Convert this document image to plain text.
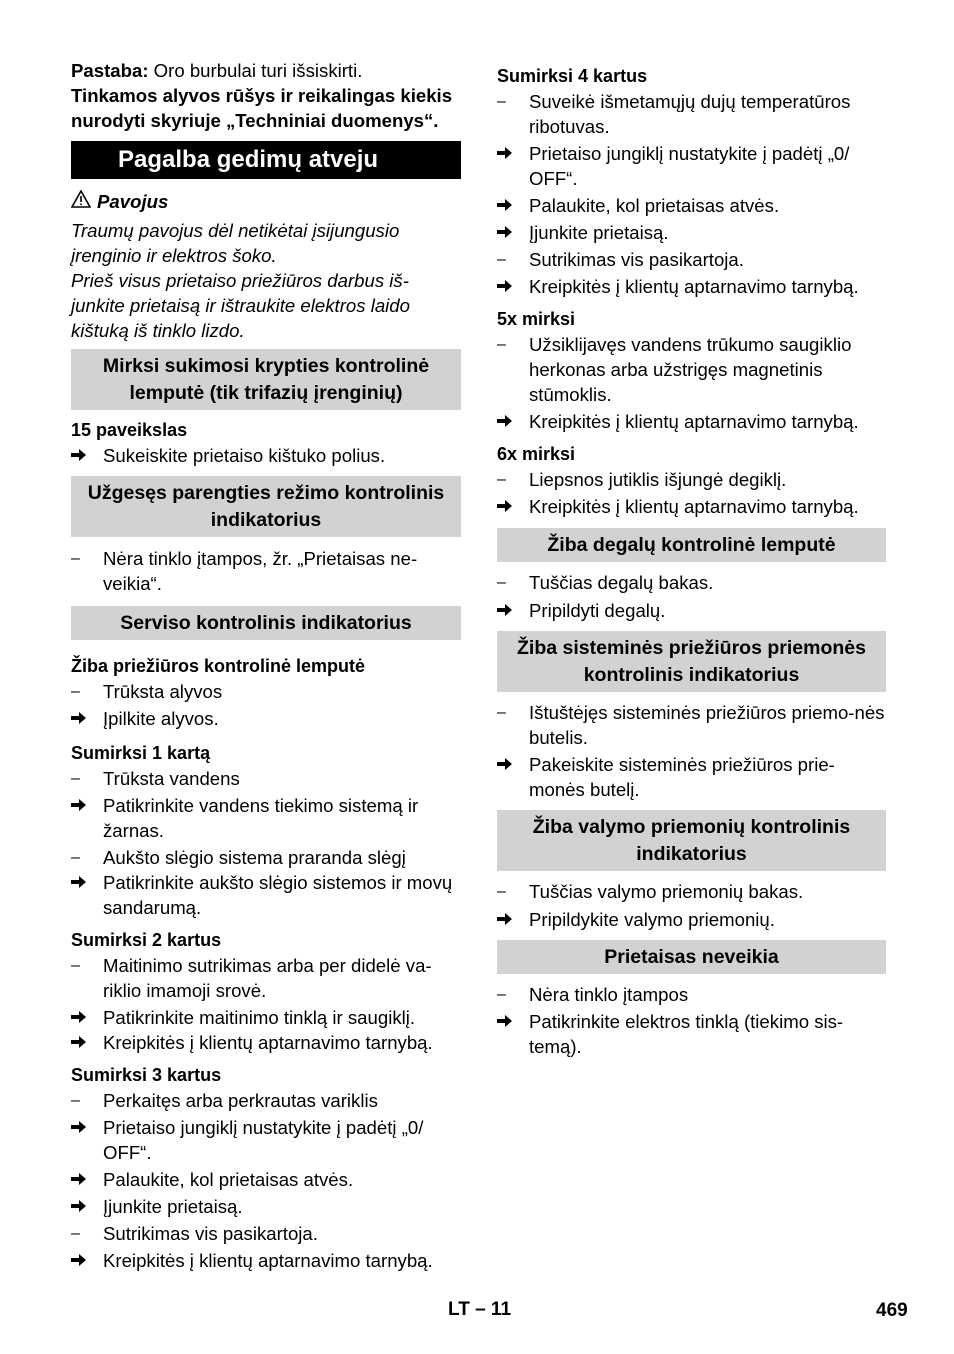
Pastaba: Oro burbulai turi išsiskirti.

Tinkamos alyvos rūšys ir reikalingas kiekis nurodyti skyriuje „Techniniai duomenys“.

Pagalba gedimų atveju
Pavojus

Traumų pavojus dėl netikėtai įsijungusio įrenginio ir elektros šoko.

Prieš visus prietaiso priežiūros darbus iš-junkite prietaisą ir ištraukite elektros laido kištuką iš tinklo lizdo.

Mirksi sukimosi krypties kontrolinė lemputė (tik trifazių įrenginių)

15 paveikslas

Sukeiskite prietaiso kištuko polius.
Užgesęs parengties režimo kontrolinis indikatorius
–	Nėra tinklo įtampos, žr. „Prietaisas ne-veikia“.
Serviso kontrolinis indikatorius

Žiba priežiūros kontrolinė lemputė

–	Trūksta alyvos
Įpilkite alyvos.

Sumirksi 1 kartą

–	Trūksta vandens
Patikrinkite vandens tiekimo sistemą ir žarnas.
–	Aukšto slėgio sistema praranda slėgį
Patikrinkite aukšto slėgio sistemos ir movų sandarumą.

Sumirksi 2 kartus

–	Maitinimo sutrikimas arba per didelė va-riklio imamoji srovė.
Patikrinkite maitinimo tinklą ir saugiklį.
Kreipkitės į klientų aptarnavimo tarnybą.

Sumirksi 3 kartus

–	Perkaitęs arba perkrautas variklis
Prietaiso jungiklį nustatykite į padėtį „0/ OFF“.
Palaukite, kol prietaisas atvės.
Įjunkite prietaisą.
–	Sutrikimas vis pasikartoja.
Kreipkitės į klientų aptarnavimo tarnybą.

Sumirksi 4 kartus

–	Suveikė išmetamųjų dujų temperatūros ribotuvas.
Prietaiso jungiklį nustatykite į padėtį „0/ OFF“.
Palaukite, kol prietaisas atvės.
Įjunkite prietaisą.
–	Sutrikimas vis pasikartoja.
Kreipkitės į klientų aptarnavimo tarnybą.

5x mirksi

–	Užsiklijavęs vandens trūkumo saugiklio herkonas arba užstrigęs magnetinis stūmoklis.
Kreipkitės į klientų aptarnavimo tarnybą.

6x mirksi

–	Liepsnos jutiklis išjungė degiklį.
Kreipkitės į klientų aptarnavimo tarnybą.
Žiba degalų kontrolinė lemputė
–	Tuščias degalų bakas.
Pripildyti degalų.
Žiba sisteminės priežiūros priemonės kontrolinis indikatorius
–	Ištuštėjęs sisteminės priežiūros priemo-nės butelis.
Pakeiskite sisteminės priežiūros prie-monės butelį.
Žiba valymo priemonių kontrolinis indikatorius
–	Tuščias valymo priemonių bakas.
Pripildykite valymo priemonių.
Prietaisas neveikia
–	Nėra tinklo įtampos
Patikrinkite elektros tinklą (tiekimo sis-temą).
LT – 11	469
